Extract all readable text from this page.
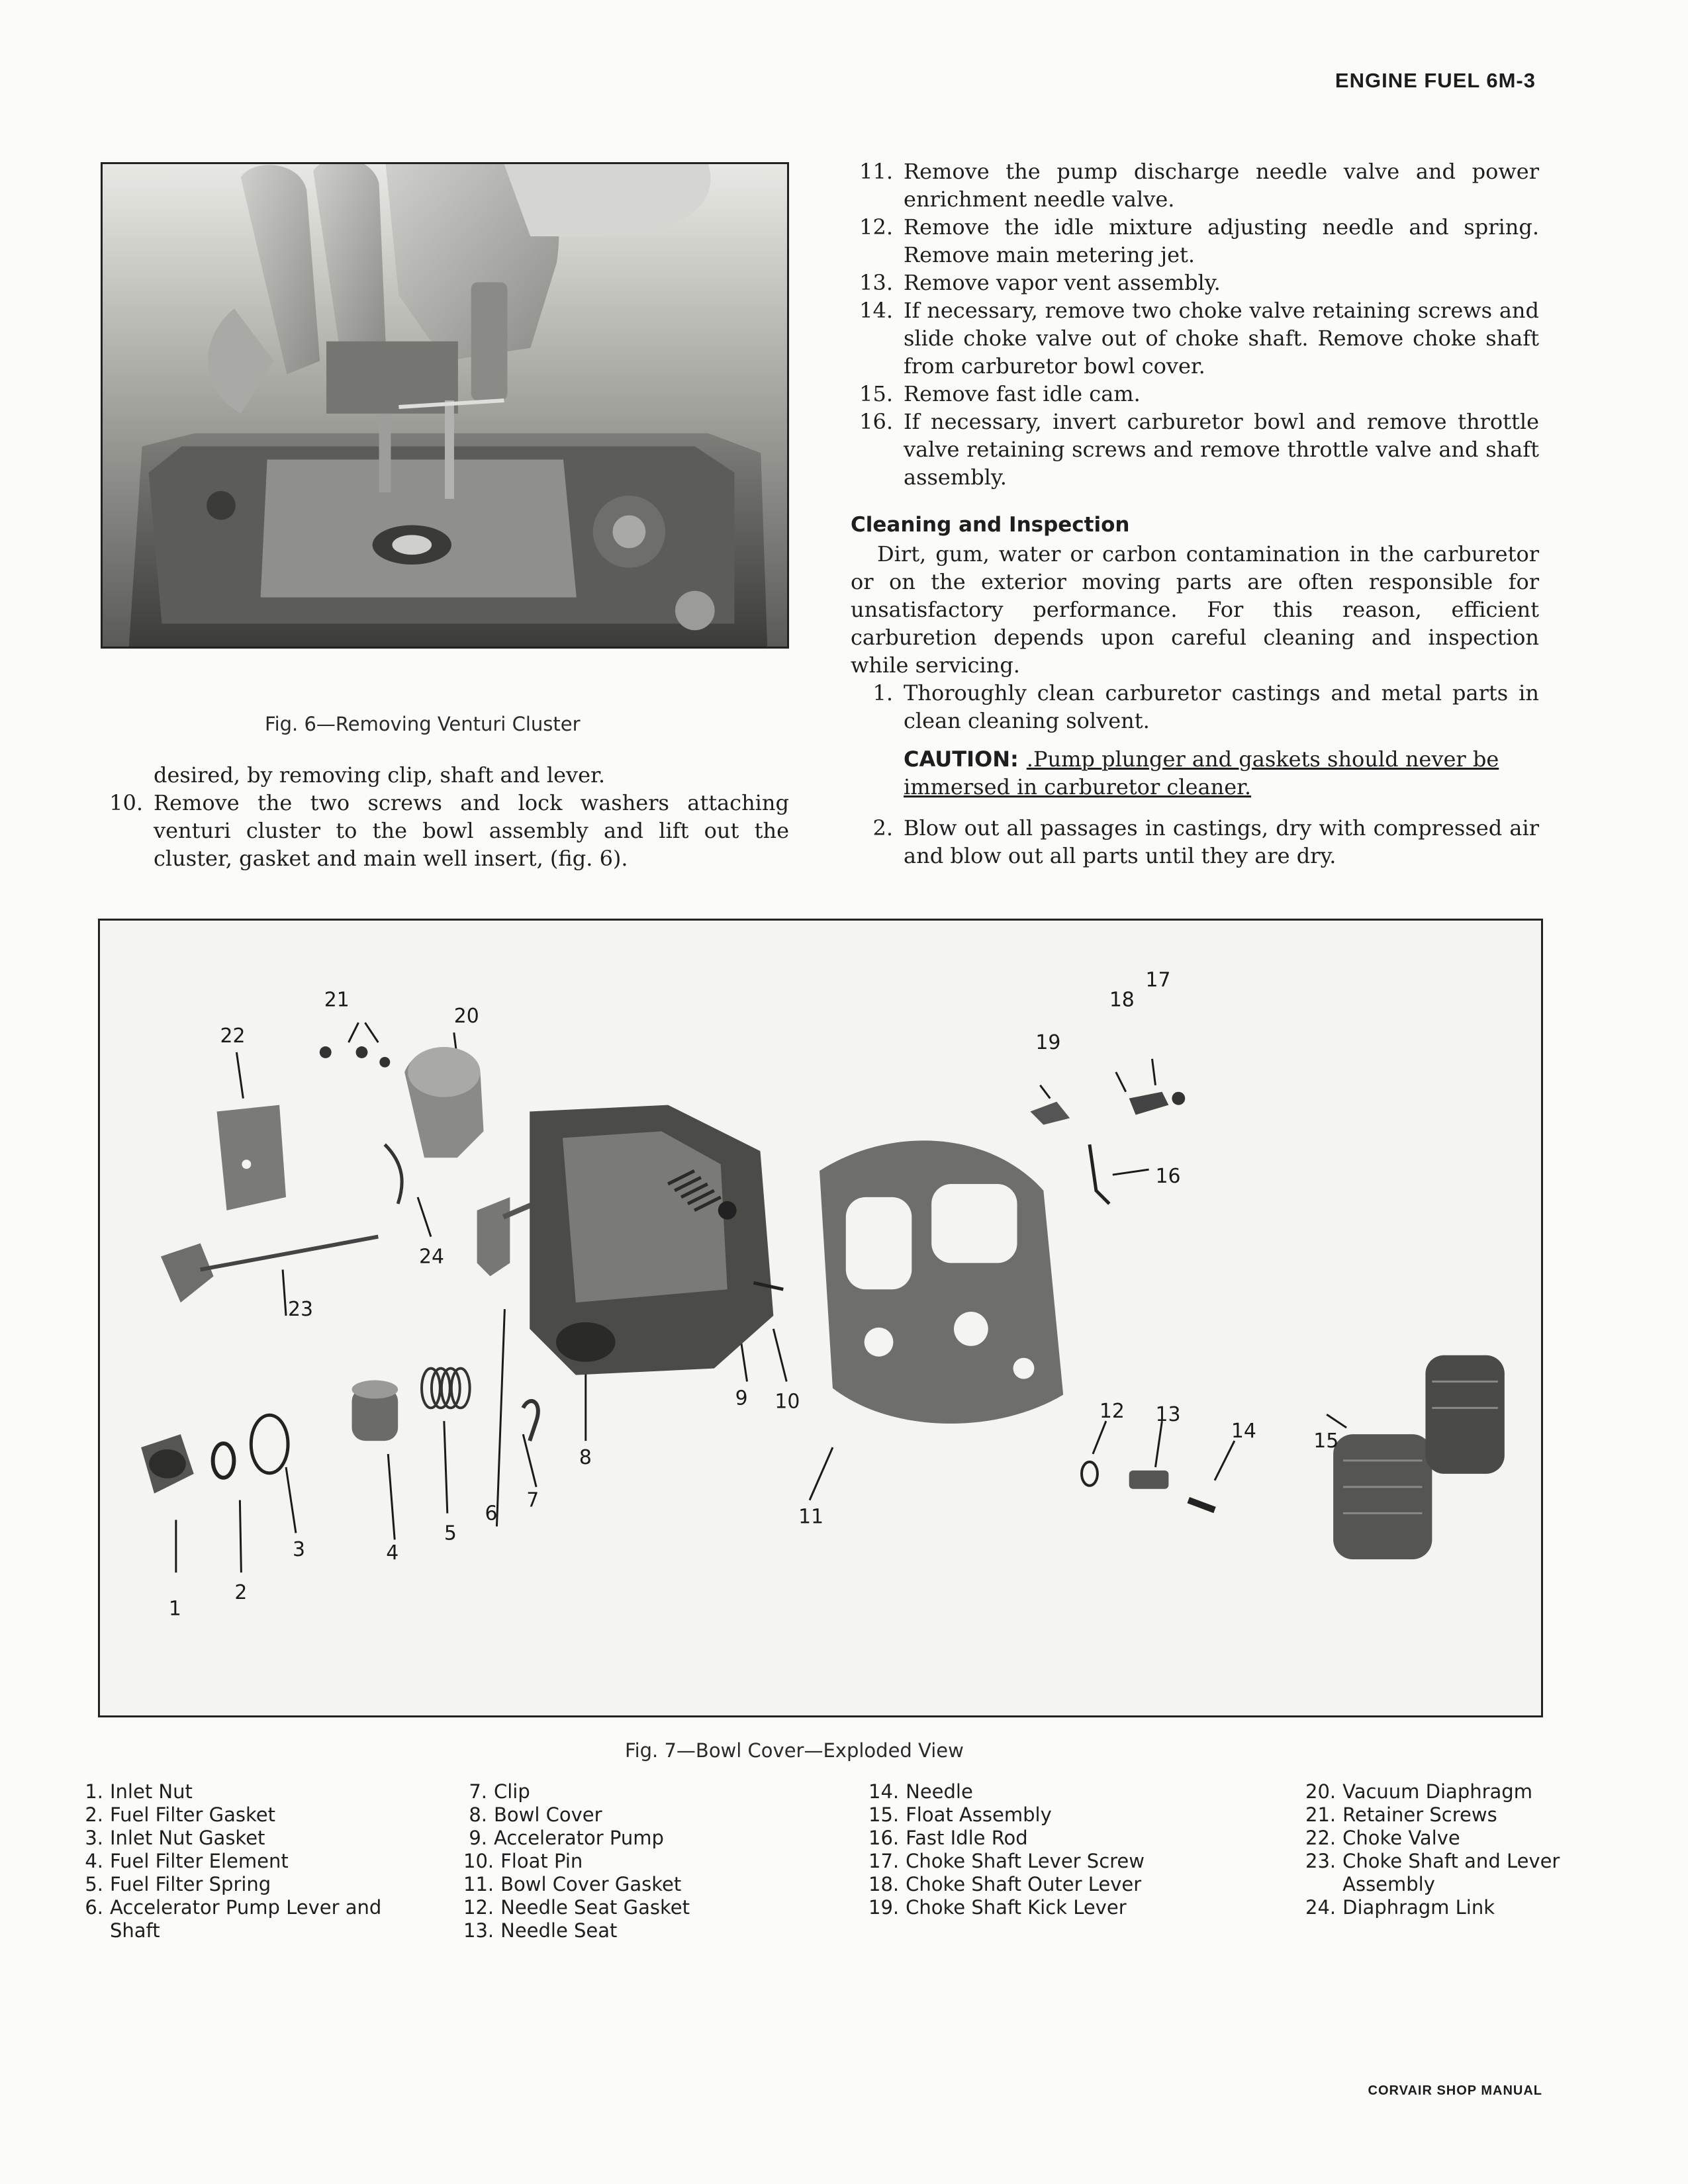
ENGINE FUEL 6M-3
Fig. 6—Removing Venturi Cluster
desired, by removing clip, shaft and lever.
10. Remove the two screws and lock washers attaching venturi cluster to the bowl assembly and lift out the cluster, gasket and main well insert, (fig. 6).
11. Remove the pump discharge needle valve and power enrichment needle valve.
12. Remove the idle mixture adjusting needle and spring. Remove main metering jet.
13. Remove vapor vent assembly.
14. If necessary, remove two choke valve retaining screws and slide choke valve out of choke shaft. Remove choke shaft from carburetor bowl cover.
15. Remove fast idle cam.
16. If necessary, invert carburetor bowl and remove throttle valve retaining screws and remove throttle valve and shaft assembly.
Cleaning and Inspection
Dirt, gum, water or carbon contamination in the carburetor or on the exterior moving parts are often responsible for unsatisfactory performance. For this reason, efficient carburetion depends upon careful cleaning and inspection while servicing.
1. Thoroughly clean carburetor castings and metal parts in clean cleaning solvent.
CAUTION: .Pump plunger and gaskets should never be immersed in carburetor cleaner.
2. Blow out all passages in castings, dry with compressed air and blow out all parts until they are dry.
1
2
3	4
5
6
7
8
9 10
11
12 13
14	15
16
17
18
19
20
21
22
23
24
Fig. 7—Bowl Cover—Exploded View
1. Inlet Nut
2. Fuel Filter Gasket
3. Inlet Nut Gasket
4. Fuel Filter Element
5. Fuel Filter Spring
6. Accelerator Pump Lever and Shaft
7. Clip
8. Bowl Cover
9. Accelerator Pump
10. Float Pin
11. Bowl Cover Gasket
12. Needle Seat Gasket
13. Needle Seat
14. Needle
15. Float Assembly
16. Fast Idle Rod
17. Choke Shaft Lever Screw
18. Choke Shaft Outer Lever
19. Choke Shaft Kick Lever
20. Vacuum Diaphragm
21. Retainer Screws
22. Choke Valve
23. Choke Shaft and Lever Assembly
24. Diaphragm Link
CORVAIR SHOP MANUAL
